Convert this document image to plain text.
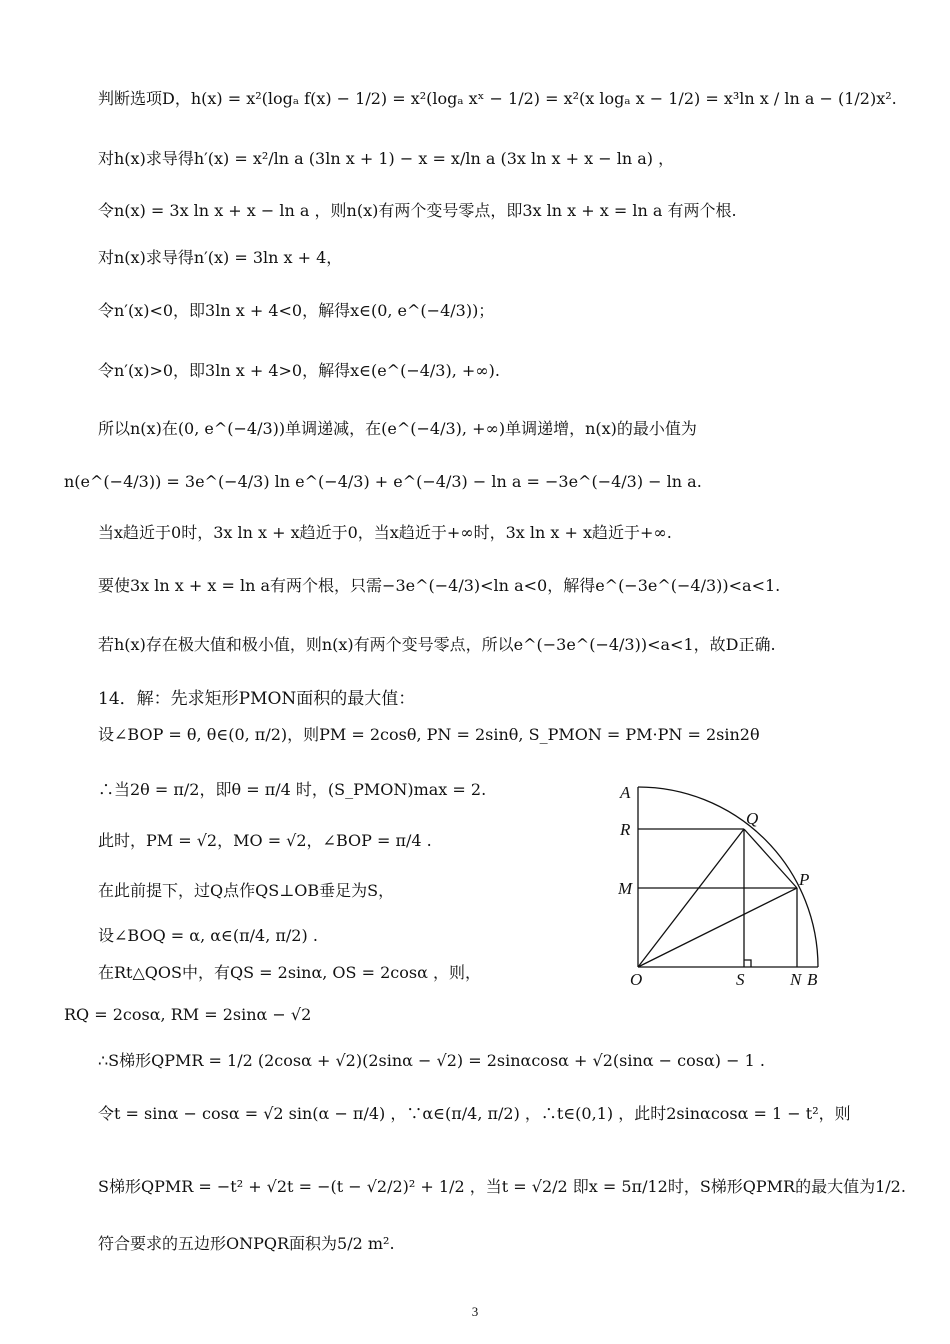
判断选项D，h(x) = x²(logₐ f(x) − 1/2) = x²(logₐ xˣ − 1/2) = x²(x logₐ x − 1/2) = x³ln x / ln a − (1/2)x².
对h(x)求导得h′(x) = x²/ln a (3ln x + 1) − x = x/ln a (3x ln x + x − ln a) ，
令n(x) = 3x ln x + x − ln a ，则n(x)有两个变号零点，即3x ln x + x = ln a 有两个根.
对n(x)求导得n′(x) = 3ln x + 4，
令n′(x)<0，即3ln x + 4<0，解得x∈(0, e^(−4/3))；
令n′(x)>0，即3ln x + 4>0，解得x∈(e^(−4/3), +∞).
所以n(x)在(0, e^(−4/3))单调递减，在(e^(−4/3), +∞)单调递增，n(x)的最小值为
n(e^(−4/3)) = 3e^(−4/3) ln e^(−4/3) + e^(−4/3) − ln a = −3e^(−4/3) − ln a.
当x趋近于0时，3x ln x + x趋近于0，当x趋近于+∞时，3x ln x + x趋近于+∞.
要使3x ln x + x = ln a有两个根，只需−3e^(−4/3)<ln a<0，解得e^(−3e^(−4/3))<a<1.
若h(x)存在极大值和极小值，则n(x)有两个变号零点，所以e^(−3e^(−4/3))<a<1，故D正确.
14．解：先求矩形PMON面积的最大值：
设∠BOP = θ, θ∈(0, π/2)，则PM = 2cosθ, PN = 2sinθ, S_PMON = PM·PN = 2sin2θ
∴当2θ = π/2，即θ = π/4 时，(S_PMON)max = 2.
此时，PM = √2，MO = √2，∠BOP = π/4 .
在此前提下，过Q点作QS⊥OB垂足为S，
设∠BOQ = α, α∈(π/4, π/2) .
在Rt△QOS中，有QS = 2sinα, OS = 2cosα ，则，
RQ = 2cosα, RM = 2sinα − √2
∴S梯形QPMR = 1/2 (2cosα + √2)(2sinα − √2) = 2sinαcosα + √2(sinα − cosα) − 1 .
令t = sinα − cosα = √2 sin(α − π/4) ，∵α∈(π/4, π/2) ，∴t∈(0,1) ，此时2sinαcosα = 1 − t²，则
S梯形QPMR = −t² + √2t = −(t − √2/2)² + 1/2 ，当t = √2/2 即x = 5π/12时，S梯形QPMR的最大值为1/2.
符合要求的五边形ONPQR面积为5/2 m².
A
R
M
O
Q
P
S	N B
3
